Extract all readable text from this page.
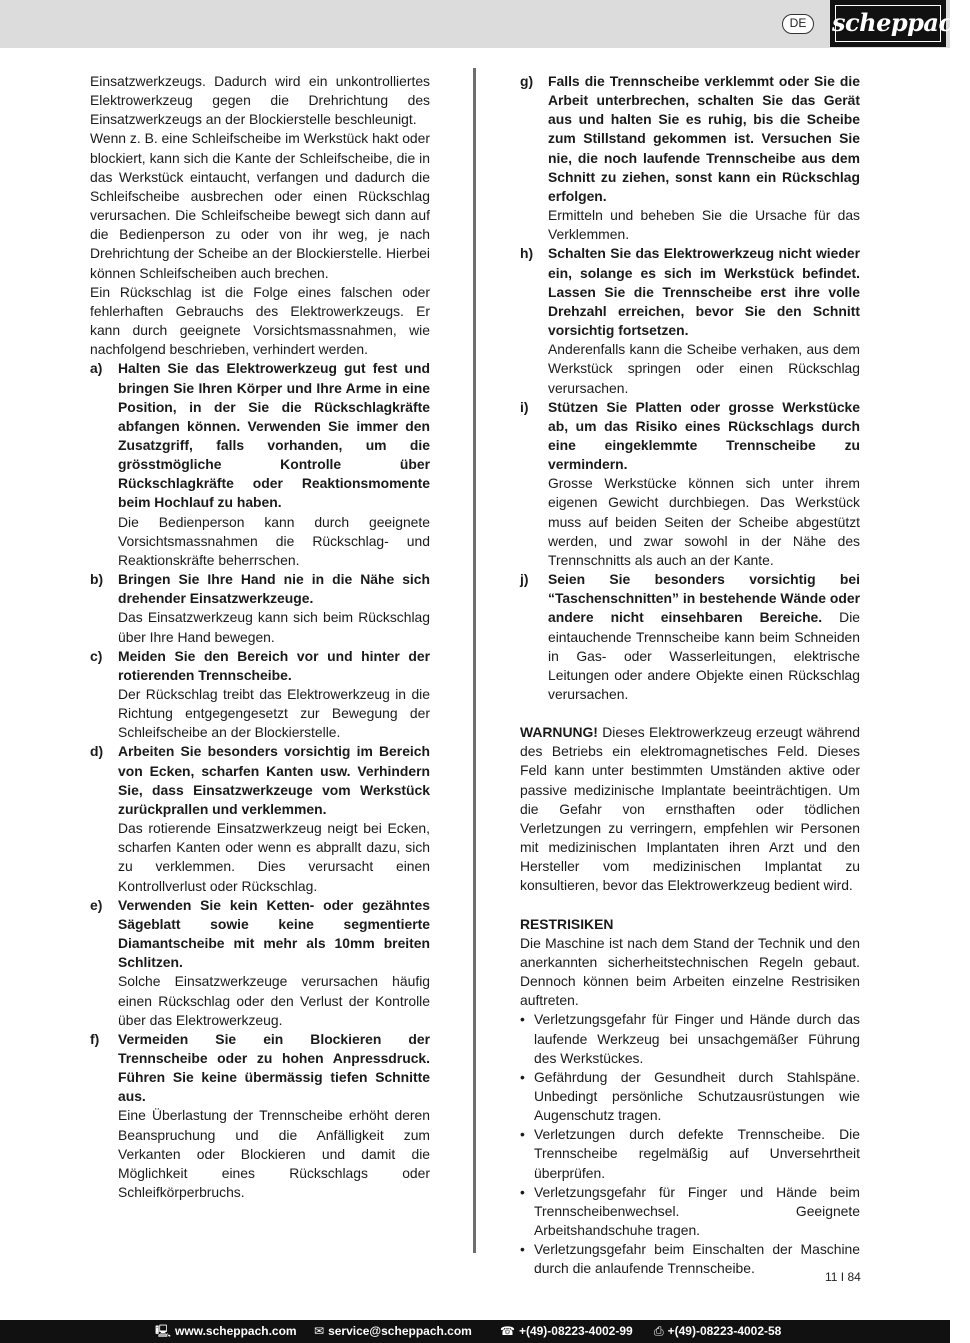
DE	scheppach

Einsatzwerkzeugs. Dadurch wird ein unkontrolliertes Elektrowerkzeug gegen die Drehrichtung des Einsatzwerkzeugs an der Blockierstelle beschleunigt.

Wenn z. B. eine Schleifscheibe im Werkstück hakt oder blockiert, kann sich die Kante der Schleifscheibe, die in das Werkstück eintaucht, verfangen und dadurch die Schleifscheibe ausbrechen oder einen Rückschlag verursachen. Die Schleifscheibe bewegt sich dann auf die Bedienperson zu oder von ihr weg, je nach Drehrichtung der Scheibe an der Blockierstelle. Hierbei können Schleifscheiben auch brechen.

Ein Rückschlag ist die Folge eines falschen oder fehlerhaften Gebrauchs des Elektrowerkzeugs. Er kann durch geeignete Vorsichtsmassnahmen, wie nachfolgend beschrieben, verhindert werden.

a) Halten Sie das Elektrowerkzeug gut fest und bringen Sie Ihren Körper und Ihre Arme in eine Position, in der Sie die Rückschlagkräfte abfangen können. Verwenden Sie immer den Zusatzgriff, falls vorhanden, um die grösstmögliche Kontrolle über Rückschlagkräfte oder Reaktionsmomente beim Hochlauf zu haben.
Die Bedienperson kann durch geeignete Vorsichtsmassnahmen die Rückschlag- und Reaktionskräfte beherrschen.
b) Bringen Sie Ihre Hand nie in die Nähe sich drehender Einsatzwerkzeuge.
Das Einsatzwerkzeug kann sich beim Rückschlag über Ihre Hand bewegen.
c) Meiden Sie den Bereich vor und hinter der rotierenden Trennscheibe.
Der Rückschlag treibt das Elektrowerkzeug in die Richtung entgegengesetzt zur Bewegung der Schleifscheibe an der Blockierstelle.
d) Arbeiten Sie besonders vorsichtig im Bereich von Ecken, scharfen Kanten usw. Verhindern Sie, dass Einsatzwerkzeuge vom Werkstück zurückprallen und verklemmen.
Das rotierende Einsatzwerkzeug neigt bei Ecken, scharfen Kanten oder wenn es abprallt dazu, sich zu verklemmen. Dies verursacht einen Kontrollverlust oder Rückschlag.
e) Verwenden Sie kein Ketten- oder gezähntes Sägeblatt sowie keine segmentierte Diamantscheibe mit mehr als 10mm breiten Schlitzen.
Solche Einsatzwerkzeuge verursachen häufig einen Rückschlag oder den Verlust der Kontrolle über das Elektrowerkzeug.
f) Vermeiden Sie ein Blockieren der Trennscheibe oder zu hohen Anpressdruck. Führen Sie keine übermässig tiefen Schnitte aus.
Eine Überlastung der Trennscheibe erhöht deren Beanspruchung und die Anfälligkeit zum Verkanten oder Blockieren und damit die Möglichkeit eines Rückschlags oder Schleifkörperbruchs.
g) Falls die Trennscheibe verklemmt oder Sie die Arbeit unterbrechen, schalten Sie das Gerät aus und halten Sie es ruhig, bis die Scheibe zum Stillstand gekommen ist. Versuchen Sie nie, die noch laufende Trennscheibe aus dem Schnitt zu ziehen, sonst kann ein Rückschlag erfolgen.
Ermitteln und beheben Sie die Ursache für das Verklemmen.
h) Schalten Sie das Elektrowerkzeug nicht wieder ein, solange es sich im Werkstück befindet. Lassen Sie die Trennscheibe erst ihre volle Drehzahl erreichen, bevor Sie den Schnitt vorsichtig fortsetzen.
Anderenfalls kann die Scheibe verhaken, aus dem Werkstück springen oder einen Rückschlag verursachen.
i) Stützen Sie Platten oder grosse Werkstücke ab, um das Risiko eines Rückschlags durch eine eingeklemmte Trennscheibe zu vermindern.
Grosse Werkstücke können sich unter ihrem eigenen Gewicht durchbiegen. Das Werkstück muss auf beiden Seiten der Scheibe abgestützt werden, und zwar sowohl in der Nähe des Trennschnitts als auch an der Kante.
j) Seien Sie besonders vorsichtig bei “Taschenschnitten” in bestehende Wände oder andere nicht einsehbaren Bereiche. Die eintauchende Trennscheibe kann beim Schneiden in Gas- oder Wasserleitungen, elektrische Leitungen oder andere Objekte einen Rückschlag verursachen.

WARNUNG! Dieses Elektrowerkzeug erzeugt während des Betriebs ein elektromagnetisches Feld. Dieses Feld kann unter bestimmten Umständen aktive oder passive medizinische Implantate beeinträchtigen. Um die Gefahr von ernsthaften oder tödlichen Verletzungen zu verringern, empfehlen wir Personen mit medizinischen Implantaten ihren Arzt und den Hersteller vom medizinischen Implantat zu konsultieren, bevor das Elektrowerkzeug bedient wird.

RESTRISIKEN

Die Maschine ist nach dem Stand der Technik und den anerkannten sicherheitstechnischen Regeln gebaut. Dennoch können beim Arbeiten einzelne Restrisiken auftreten.

• Verletzungsgefahr für Finger und Hände durch das laufende Werkzeug bei unsachgemäßer Führung des Werkstückes.
• Gefährdung der Gesundheit durch Stahlspäne. Unbedingt persönliche Schutzausrüstungen wie Augenschutz tragen.
• Verletzungen durch defekte Trennscheibe. Die Trennscheibe regelmäßig auf Unversehrtheit überprüfen.
• Verletzungsgefahr für Finger und Hände beim Trennscheibenwechsel. Geeignete Arbeitshandschuhe tragen.
• Verletzungsgefahr beim Einschalten der Maschine durch die anlaufende Trennscheibe.
11 I 84
🖳 www.scheppach.com ✉ service@scheppach.com ☎ +(49)-08223-4002-99 ⎙ +(49)-08223-4002-58
